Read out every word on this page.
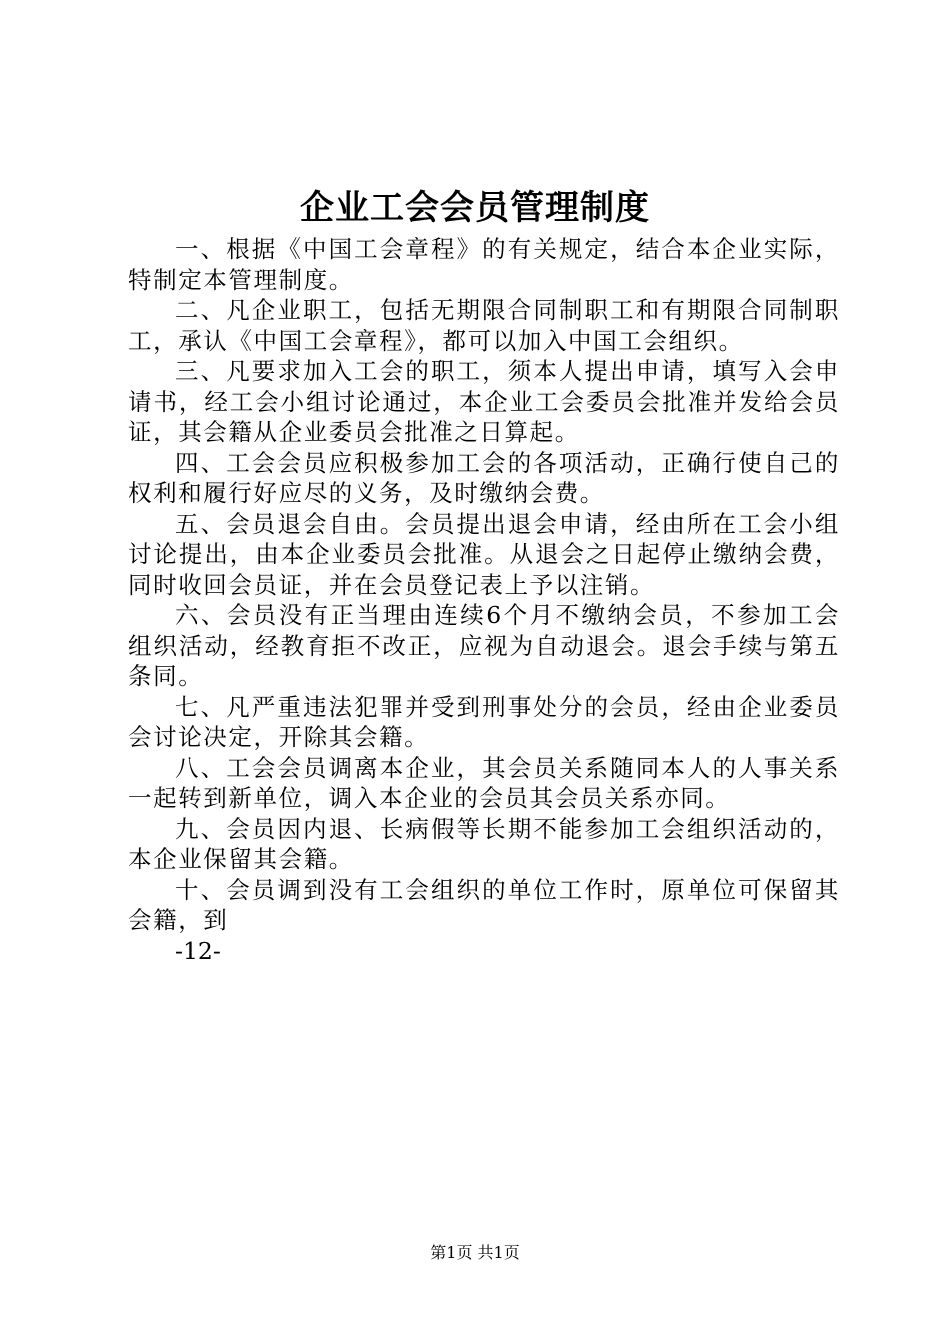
企业工会会员管理制度

一、根据《中国工会章程》的有关规定，结合本企业实际，特制定本管理制度。

二、凡企业职工，包括无期限合同制职工和有期限合同制职工，承认《中国工会章程》，都可以加入中国工会组织。

三、凡要求加入工会的职工，须本人提出申请，填写入会申请书，经工会小组讨论通过，本企业工会委员会批准并发给会员证，其会籍从企业委员会批准之日算起。

四、工会会员应积极参加工会的各项活动，正确行使自己的权利和履行好应尽的义务，及时缴纳会费。

五、会员退会自由。会员提出退会申请，经由所在工会小组讨论提出，由本企业委员会批准。从退会之日起停止缴纳会费，同时收回会员证，并在会员登记表上予以注销。

六、会员没有正当理由连续6个月不缴纳会员，不参加工会组织活动，经教育拒不改正，应视为自动退会。退会手续与第五条同。

七、凡严重违法犯罪并受到刑事处分的会员，经由企业委员会讨论决定，开除其会籍。

八、工会会员调离本企业，其会员关系随同本人的人事关系一起转到新单位，调入本企业的会员其会员关系亦同。

九、会员因内退、长病假等长期不能参加工会组织活动的，本企业保留其会籍。

十、会员调到没有工会组织的单位工作时，原单位可保留其会籍，到

-12-

第1页 共1页
